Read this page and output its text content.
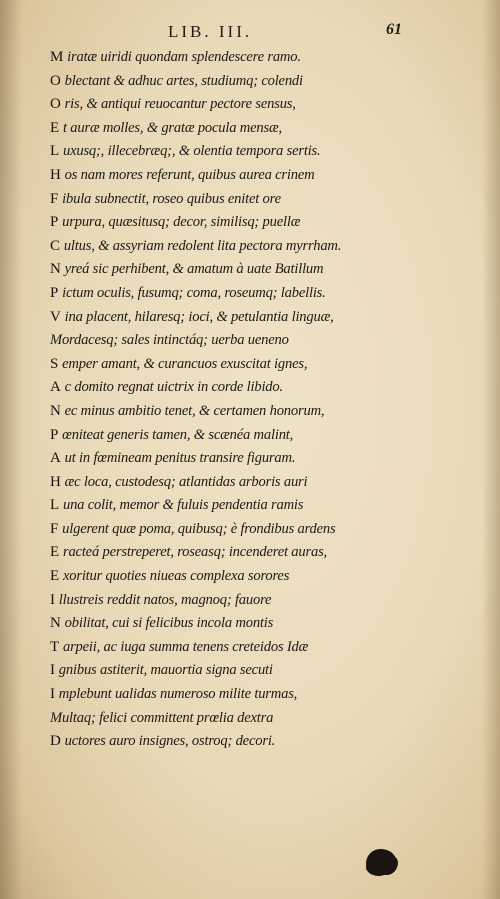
LIB. III.	61
M iratæ uiridi quondam splendescere ramo.
O blectant & adhuc artes, studiumq; colendi
O ris, & antiqui reuocantur pectore sensus,
E t auræ molles, & gratæ pocula mensæ,
L uxusq;, illecebræq;, & olentia tempora sertis.
H os nam mores referunt, quibus aurea crinem
F ibula subnectit, roseo quibus enitet ore
P urpura, quæsitusq; decor, similisq; puellæ
C ultus, & assyriam redolent lita pectora myrrham.
N yreá sic perhibent, & amatum à uate Batillum
P ictum oculis, fusumq; coma, roseumq; labellis.
V ina placent, hilaresq; ioci, & petulantia linguæ,
Mordacesq; sales intinctáq; uerba ueneno
S emper amant, & curancuos exuscitat ignes,
A c domito regnat uictrix in corde libido.
N ec minus ambitio tenet, & certamen honorum,
P œniteat generis tamen, & scænéa malint,
A ut in fœmineam penitus transire figuram.
H æc loca, custodesq; atlantidas arboris auri
L una colit, memor & fuluis pendentia ramis
F ulgerent quæ poma, quibusq; è frondibus ardens
E racteá perstreperet, roseasq; incenderet auras,
E xoritur quoties niueas complexa sorores
I llustreis reddit natos, magnoq; fauore
N obilitat, cui si felicibus incola montis
T arpeii, ac iuga summa tenens creteidos Idæ
I gnibus astiterit, mauortia signa secuti
I mplebunt ualidas numeroso milite turmas,
Multaq; felici committent prœlia dextra
D uctores auro insignes, ostroq; decori.
